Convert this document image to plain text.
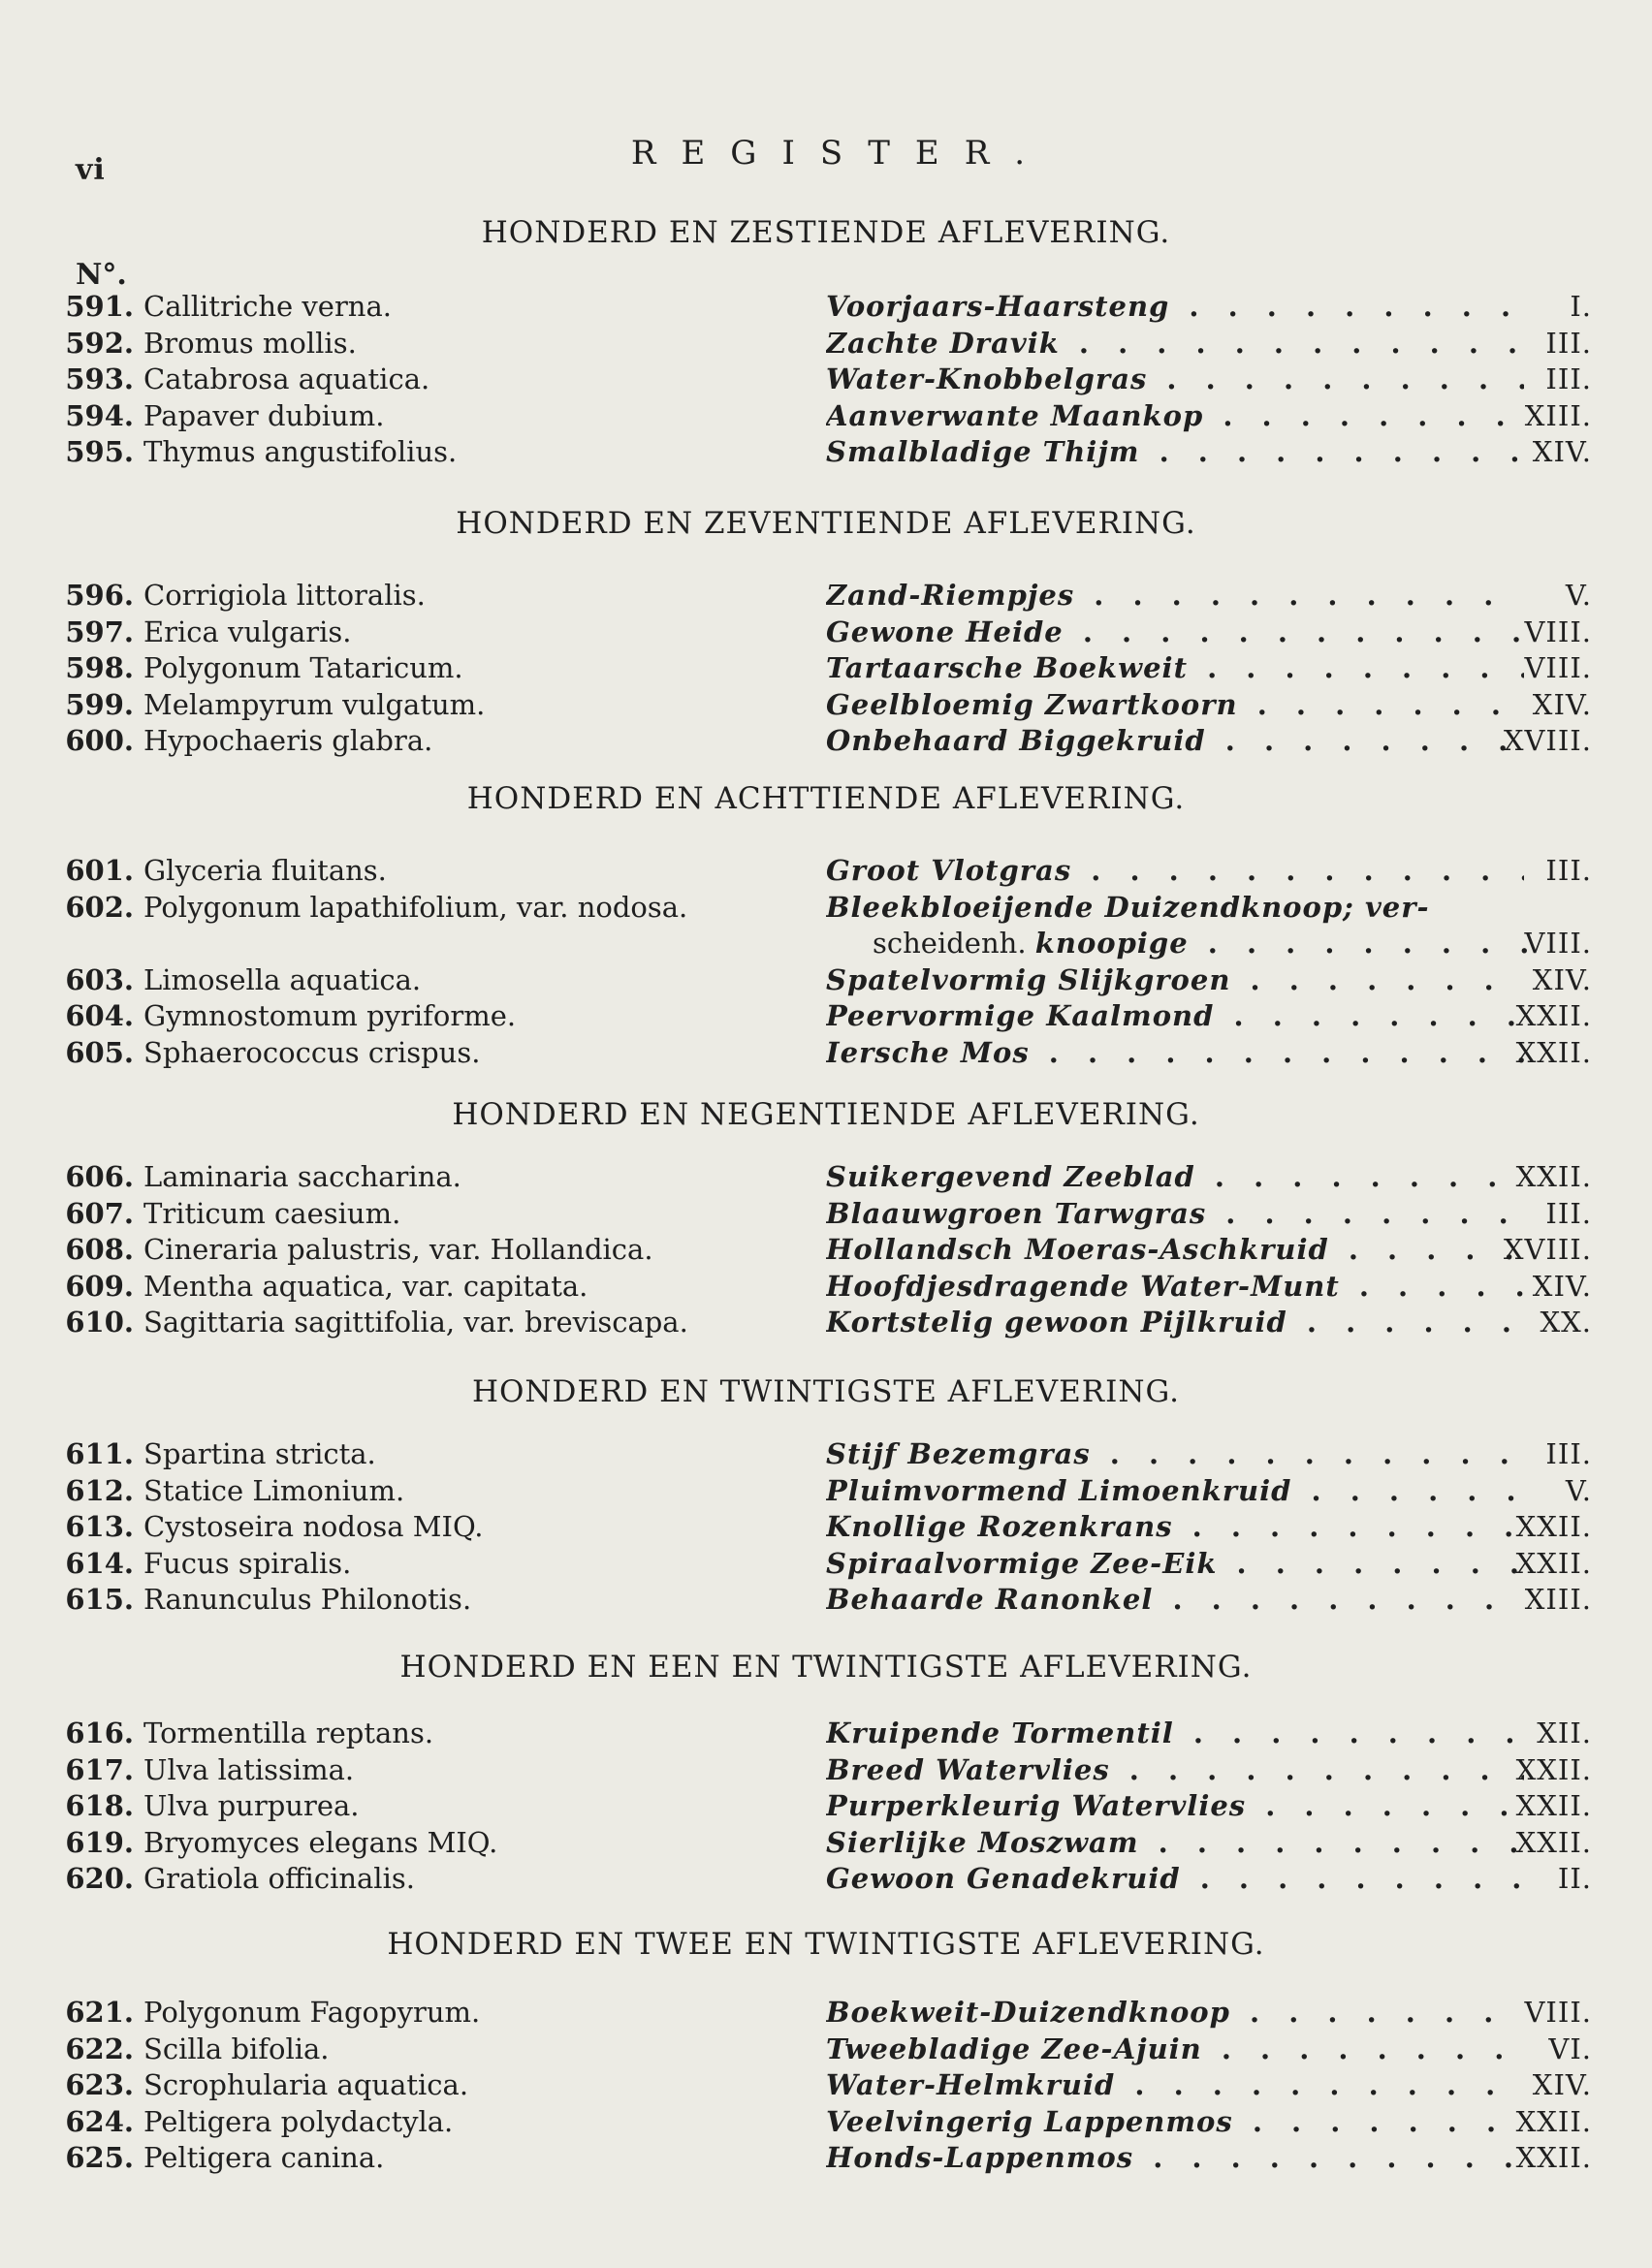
vi	REGISTER.
N°.
HONDERD EN ZESTIENDE AFLEVERING.
591. Callitriche verna.	Voorjaars-Haarsteng . . .	I.
592. Bromus mollis.	Zachte Dravik . . .	III.
593. Catabrosa aquatica.	Water-Knobbelgras . . .	III.
594. Papaver dubium.	Aanverwante Maankop . . .	XIII.
595. Thymus angustifolius.	Smalbladige Thijm . . .	XIV.
HONDERD EN ZEVENTIENDE AFLEVERING.
596. Corrigiola littoralis.	Zand-Riempjes . . .	V.
597. Erica vulgaris.	Gewone Heide . . .	VIII.
598. Polygonum Tataricum.	Tartaarsche Boekweit . . .	VIII.
599. Melampyrum vulgatum.	Geelbloemig Zwartkoorn . . .	XIV.
600. Hypochaeris glabra.	Onbehaard Biggekruid . . .	XVIII.
HONDERD EN ACHTTIENDE AFLEVERING.
601. Glyceria fluitans.	Groot Vlotgras . . .	III.
602. Polygonum lapathifolium, var. nodosa.	Bleekbloeijende Duizendknoop; ver-
scheidenh. knoopige . . .	VIII.
603. Limosella aquatica.	Spatelvormig Slijkgroen . . .	XIV.
604. Gymnostomum pyriforme.	Peervormige Kaalmond . . .	XXII.
605. Sphaerococcus crispus.	Iersche Mos . . .	XXII.
HONDERD EN NEGENTIENDE AFLEVERING.
606. Laminaria saccharina.	Suikergevend Zeeblad . . .	XXII.
607. Triticum caesium.	Blaauwgroen Tarwgras . . .	III.
608. Cineraria palustris, var. Hollandica.	Hollandsch Moeras-Aschkruid . . .	XVIII.
609. Mentha aquatica, var. capitata.	Hoofdjesdragende Water-Munt . . .	XIV.
610. Sagittaria sagittifolia, var. breviscapa.	Kortstelig gewoon Pijlkruid . . .	XX.
HONDERD EN TWINTIGSTE AFLEVERING.
611. Spartina stricta.	Stijf Bezemgras . . .	III.
612. Statice Limonium.	Pluimvormend Limoenkruid . . .	V.
613. Cystoseira nodosa MIQ.	Knollige Rozenkrans . . .	XXII.
614. Fucus spiralis.	Spiraalvormige Zee-Eik . . .	XXII.
615. Ranunculus Philonotis.	Behaarde Ranonkel . . .	XIII.
HONDERD EN EEN EN TWINTIGSTE AFLEVERING.
616. Tormentilla reptans.	Kruipende Tormentil . . .	XII.
617. Ulva latissima.	Breed Watervlies . . .	XXII.
618. Ulva purpurea.	Purperkleurig Watervlies . . .	XXII.
619. Bryomyces elegans MIQ.	Sierlijke Moszwam . . .	XXII.
620. Gratiola officinalis.	Gewoon Genadekruid . . .	II.
HONDERD EN TWEE EN TWINTIGSTE AFLEVERING.
621. Polygonum Fagopyrum.	Boekweit-Duizendknoop . . .	VIII.
622. Scilla bifolia.	Tweebladige Zee-Ajuin . . .	VI.
623. Scrophularia aquatica.	Water-Helmkruid . . .	XIV.
624. Peltigera polydactyla.	Veelvingerig Lappenmos . . .	XXII.
625. Peltigera canina.	Honds-Lappenmos . . .	XXII.
